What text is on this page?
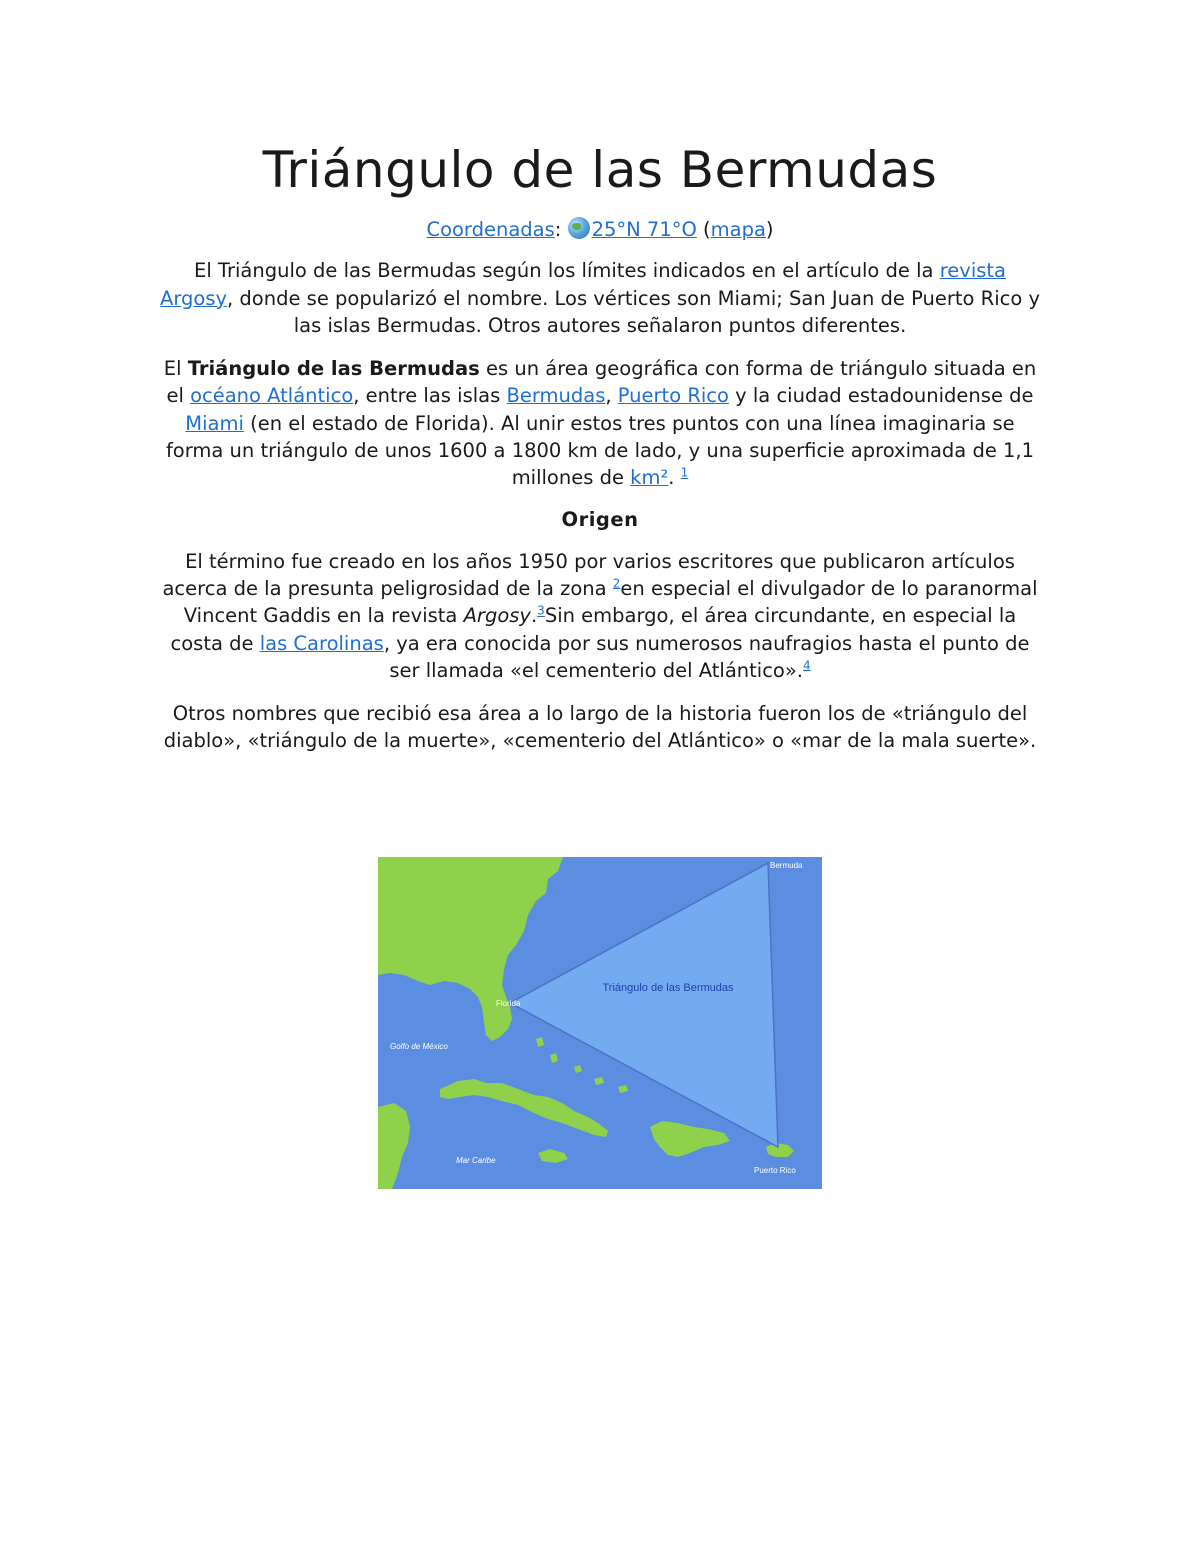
Triángulo de las Bermudas

Coordenadas: 25°N 71°O (mapa)

El Triángulo de las Bermudas según los límites indicados en el artículo de la revista Argosy, donde se popularizó el nombre. Los vértices son Miami; San Juan de Puerto Rico y las islas Bermudas. Otros autores señalaron puntos diferentes.

El Triángulo de las Bermudas es un área geográfica con forma de triángulo situada en el océano Atlántico, entre las islas Bermudas, Puerto Rico y la ciudad estadounidense de Miami (en el estado de Florida). Al unir estos tres puntos con una línea imaginaria se forma un triángulo de unos 1600 a 1800 km de lado, y una superficie aproximada de 1,1 millones de km². $^1$

Origen

El término fue creado en los años 1950 por varios escritores que publicaron artículos acerca de la presunta peligrosidad de la zona $^2$en especial el divulgador de lo paranormal Vincent Gaddis en la revista Argosy.$^3$Sin embargo, el área circundante, en especial la costa de las Carolinas, ya era conocida por sus numerosos naufragios hasta el punto de ser llamada «el cementerio del Atlántico».$^4$

Otros nombres que recibió esa área a lo largo de la historia fueron los de «triángulo del diablo», «triángulo de la muerte», «cementerio del Atlántico» o «mar de la mala suerte».

Triángulo de las Bermudas
Bermuda
Florida
Golfo de México
Mar Caribe
Puerto Rico
